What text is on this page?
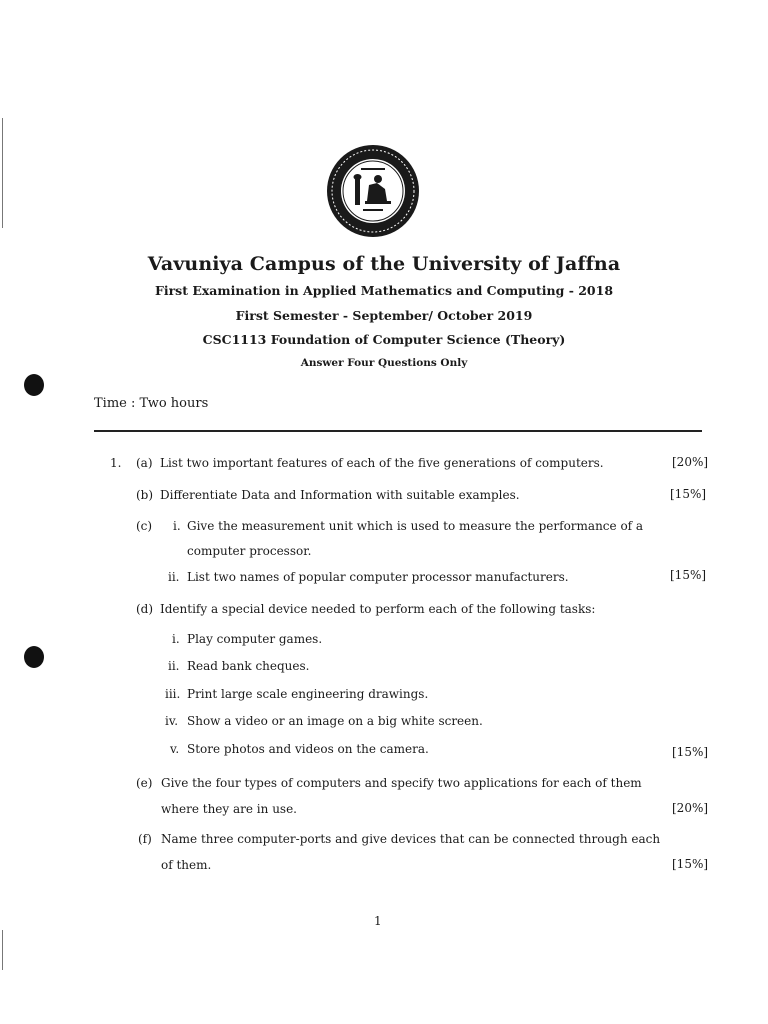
Vavuniya Campus of the University of Jaffna
First Examination in Applied Mathematics and Computing - 2018
First Semester - September/ October 2019
CSC1113 Foundation of Computer Science (Theory)
Answer Four Questions Only
Time : Two hours
1. (a) List two important features of each of the five generations of computers.	[20%]
(b) Differentiate Data and Information with suitable examples.	[15%]
(c) i. Give the measurement unit which is used to measure the performance of a
computer processor.
ii. List two names of popular computer processor manufacturers.	[15%]
(d) Identify a special device needed to perform each of the following tasks:
i. Play computer games.
ii. Read bank cheques.
iii. Print large scale engineering drawings.
iv. Show a video or an image on a big white screen.
v. Store photos and videos on the camera.	[15%]
(e) Give the four types of computers and specify two applications for each of them
where they are in use.	[20%]
(f) Name three computer-ports and give devices that can be connected through each
of them.	[15%]
1
